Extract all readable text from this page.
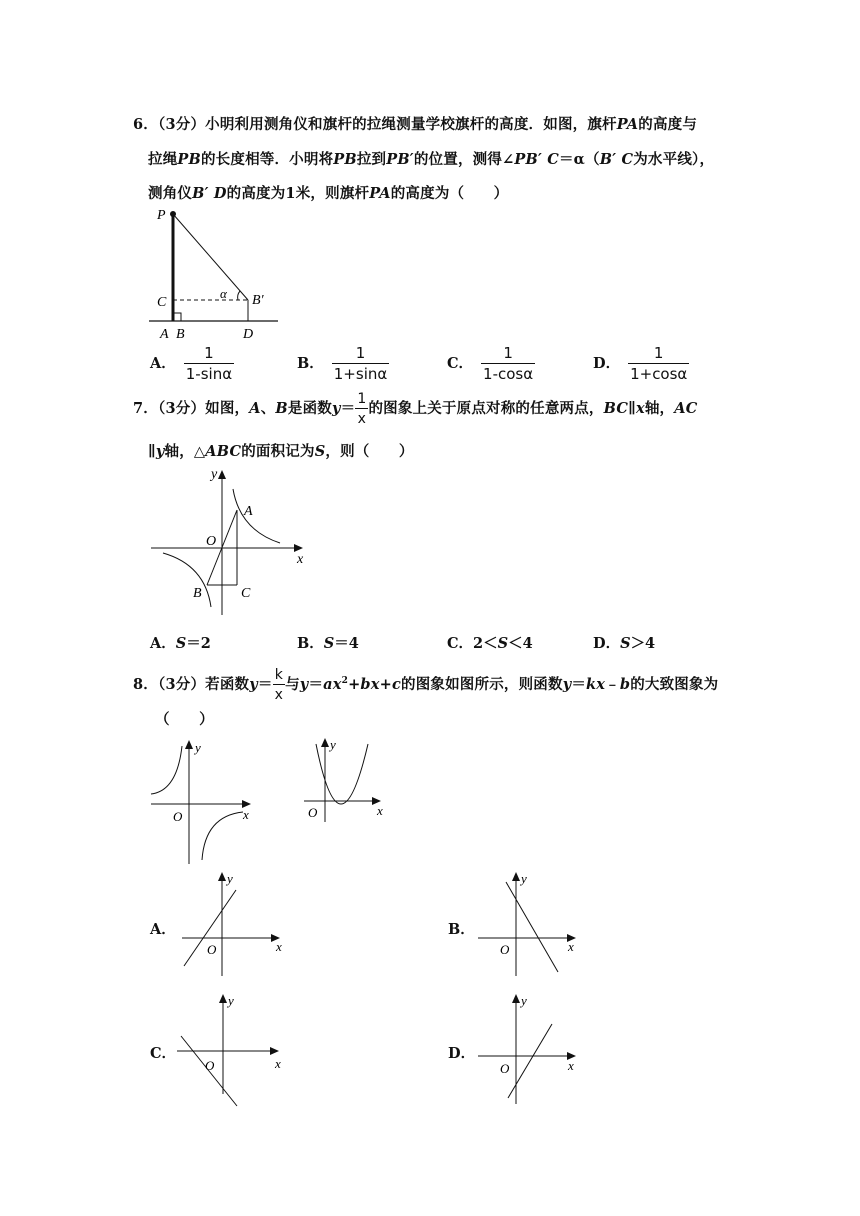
6．（3分）小明利用测角仪和旗杆的拉绳测量学校旗杆的高度．如图，旗杆PA的高度与
拉绳PB的长度相等．小明将PB拉到PB′的位置，测得∠PB′ C＝α（B′ C为水平线），
测角仪B′ D的高度为1米，则旗杆PA的高度为（　　）
P
C
A B	D
B′
α
A． $\frac{1}{1-\sin\alpha}$	B． $\frac{1}{1+\sin\alpha}$	C． $\frac{1}{1-\cos\alpha}$	D． $\frac{1}{1+\cos\alpha}$
7．（3分）如图，A、B是函数$y= \frac{1}{x}$ 的图象上关于原点对称的任意两点，BC∥x轴，AC
∥y轴，△ABC的面积记为S，则（　　）
y
x
O
A
B	C
A．S＝2	B．S＝4	C．2＜S＜4	D．S＞4
8．（3分）若函数$y= \frac{k}{x}$ 与$y=ax^2+bx+c$的图象如图所示，则函数y＝kx﹣b的大致图象为
（　　）
y
x
O
y
x
O
A．
y
x
O
B．
y
x
O
C．
y
x
O
D．
y
x
O
